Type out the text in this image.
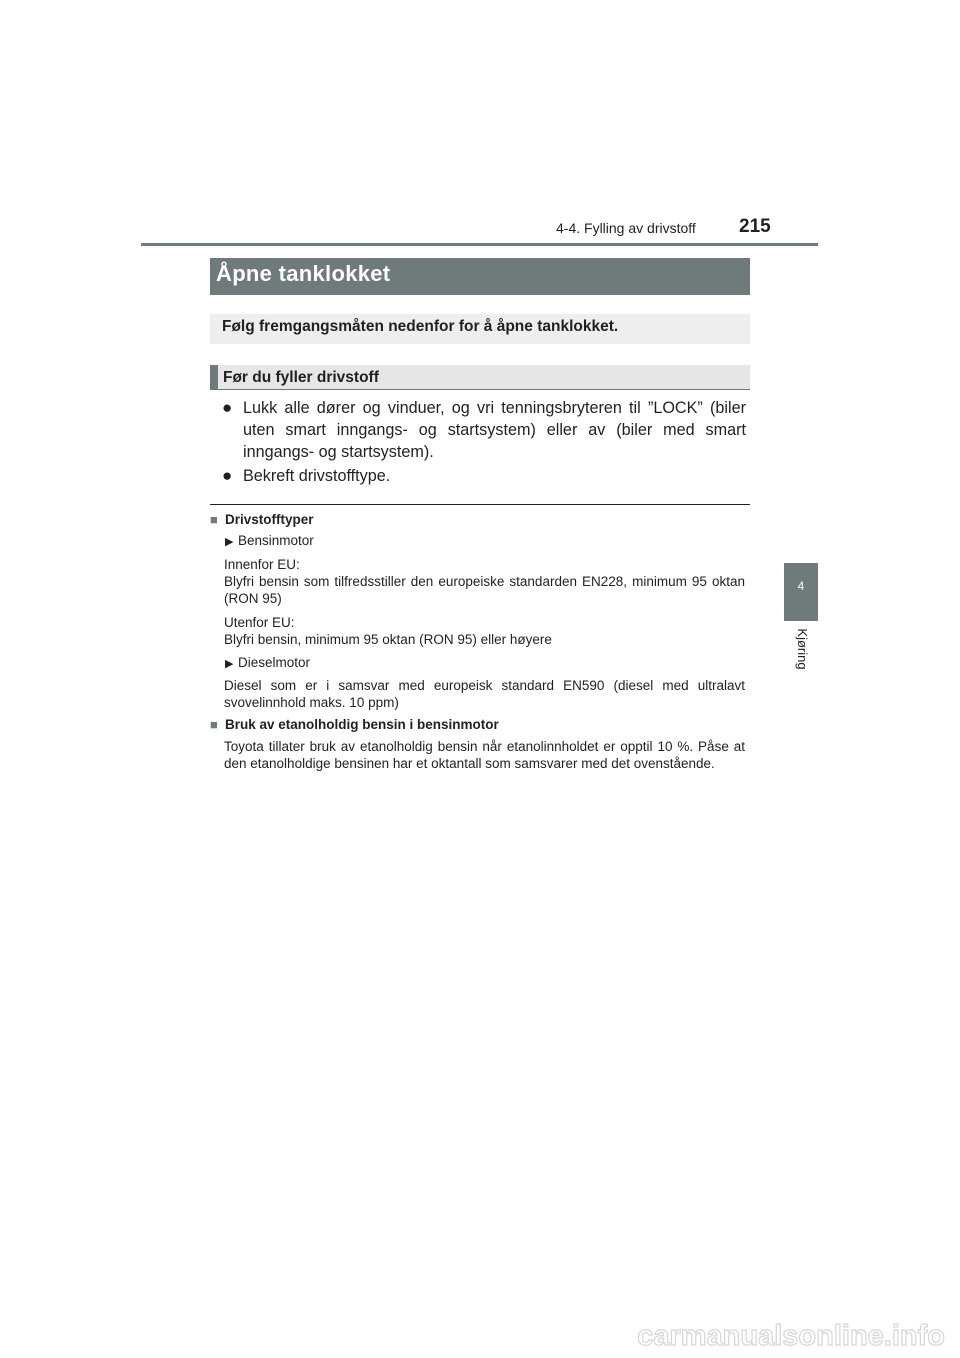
4-4. Fylling av drivstoff 215
4
Kjøring
Åpne tanklokket
Følg fremgangsmåten nedenfor for å åpne tanklokket.
Før du fyller drivstoff
● Lukk alle dører og vinduer, og vri tenningsbryteren til ”LOCK” (biler uten smart inngangs- og startsystem) eller av (biler med smart inngangs- og startsystem).
● Bekreft drivstofftype.
■ Drivstofftyper
▶ Bensinmotor
Innenfor EU:
Blyfri bensin som tilfredsstiller den europeiske standarden EN228, minimum 95 oktan (RON 95)
Utenfor EU:
Blyfri bensin, minimum 95 oktan (RON 95) eller høyere
▶ Dieselmotor
Diesel som er i samsvar med europeisk standard EN590 (diesel med ultralavt svovelinnhold maks. 10 ppm)
■ Bruk av etanolholdig bensin i bensinmotor
Toyota tillater bruk av etanolholdig bensin når etanolinnholdet er opptil 10 %. Påse at den etanolholdige bensinen har et oktantall som samsvarer med det ovenstående.
carmanualsonline.info
